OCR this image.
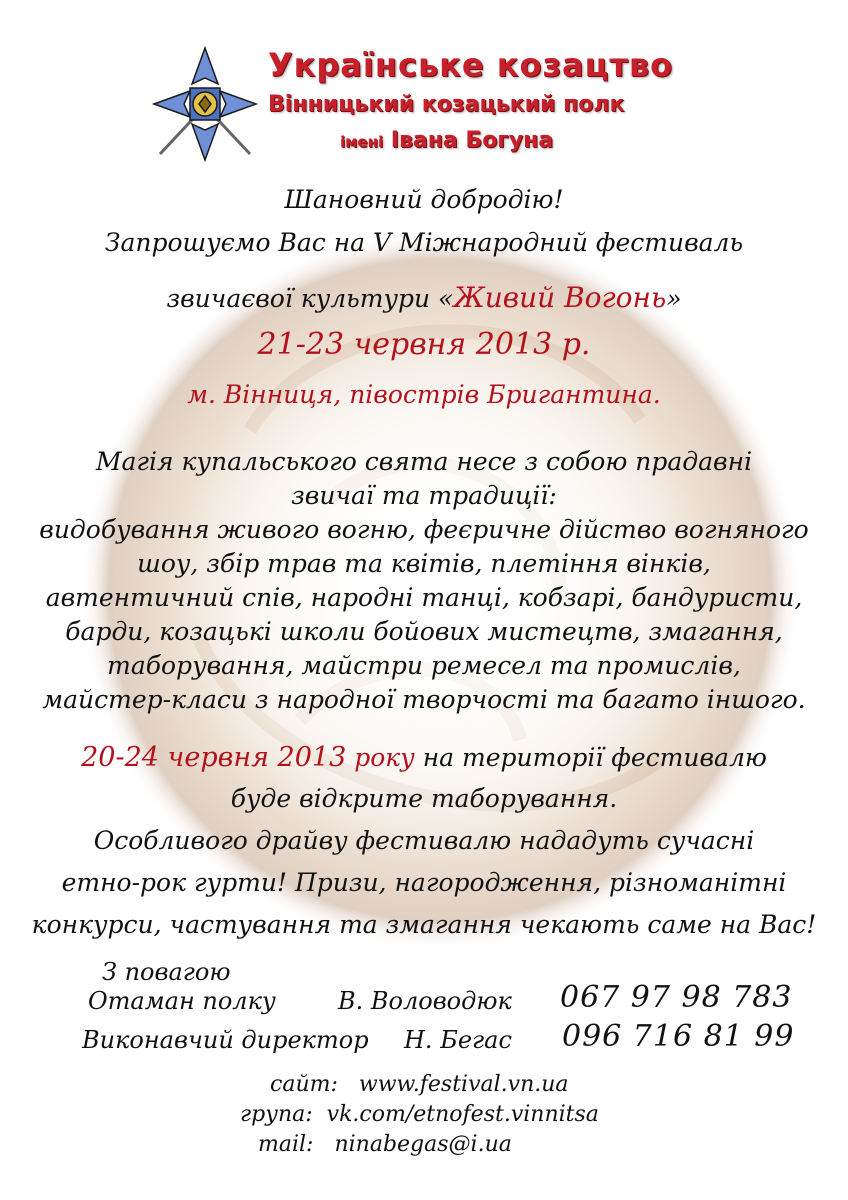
Українське козацтво
Вінницький козацький полк
імені Івана Богуна
Шановний добродію!
Запрошуємо Вас на V Міжнародний фестиваль
звичаєвої культури «Живий Вогонь»
21-23 червня 2013 р.
м. Вінниця, півострів Бригантина.
Магія купальського свята несе з собою прадавні
звичаї та традиції:
видобування живого вогню, феєричне дійство вогняного
шоу, збір трав та квітів, плетіння вінків,
автентичний спів, народні танці, кобзарі, бандуристи,
барди, козацькі школи бойових мистецтв, змагання,
таборування, майстри ремесел та промислів,
майстер-класи з народної творчості та багато іншого.
20-24 червня 2013 року на території фестивалю
буде відкрите таборування.
Особливого драйву фестивалю нададуть сучасні
етно-рок гурти! Призи, нагородження, різноманітні
конкурси, частування та змагання чекають саме на Вас!
З повагою
Отаман полку	В. Воловодюк 067 97 98 783
Виконавчий директор Н. Бегас 096 716 81 99
сайт: www.festival.vn.ua
група: vk.com/etnofest.vinnitsa
mail: ninabegas@i.ua
